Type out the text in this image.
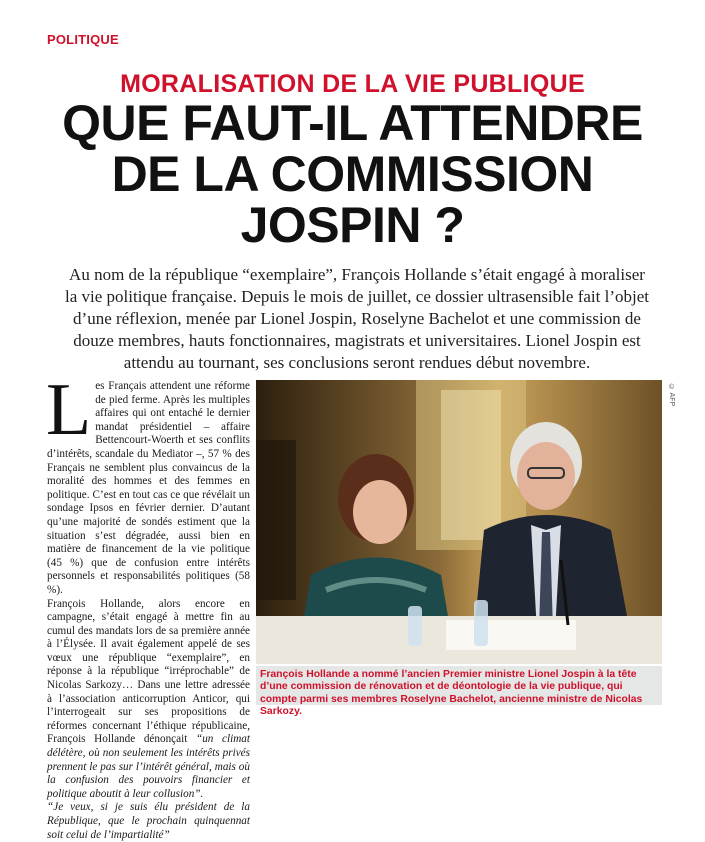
POLITIQUE
MORALISATION DE LA VIE PUBLIQUE
QUE FAUT-IL ATTENDRE
DE LA COMMISSION
JOSPIN ?

Au nom de la république “exemplaire”, François Hollande s’était engagé à moraliser la vie politique française. Depuis le mois de juillet, ce dossier ultrasensible fait l’objet d’une réflexion, menée par Lionel Jospin, Roselyne Bachelot et une commission de douze membres, hauts fonctionnaires, magistrats et universitaires. Lionel Jospin est attendu au tournant, ses conclusions seront rendues début novembre.

L es Français attendent une réforme de pied ferme. Après les multiples affaires qui ont entaché le dernier mandat présidentiel – affaire Bettencourt-Woerth et ses conflits d’intérêts, scandale du Mediator –, 57 % des Français ne semblent plus convaincus de la moralité des hommes et des femmes en politique. C’est en tout cas ce que révélait un sondage Ipsos en février dernier. D’autant qu’une majorité de sondés estiment que la situation s’est dégradée, aussi bien en matière de financement de la vie politique (45 %) que de confusion entre intérêts personnels et responsabilités politiques (58 %).

François Hollande, alors encore en campagne, s’était engagé à mettre fin au cumul des mandats lors de sa première année à l’Élysée. Il avait également appelé de ses vœux une république “exemplaire”, en réponse à la république “irréprochable” de Nicolas Sarkozy… Dans une lettre adressée à l’association anticorruption Anticor, qui l’interrogeait sur ses propositions de réformes concernant l’éthique républicaine, François Hollande dénonçait “un climat délétère, où non seulement les intérêts privés prennent le pas sur l’intérêt général, mais où la confusion des pouvoirs financier et politique aboutit à leur collusion”.

“Je veux, si je suis élu président de la République, que le prochain quinquennat soit celui de l’impartialité”

© AFP
François Hollande a nommé l’ancien Premier ministre Lionel Jospin à la tête d’une commission de rénovation et de déontologie de la vie publique, qui compte parmi ses membres Roselyne Bachelot, ancienne ministre de Nicolas Sarkozy.
